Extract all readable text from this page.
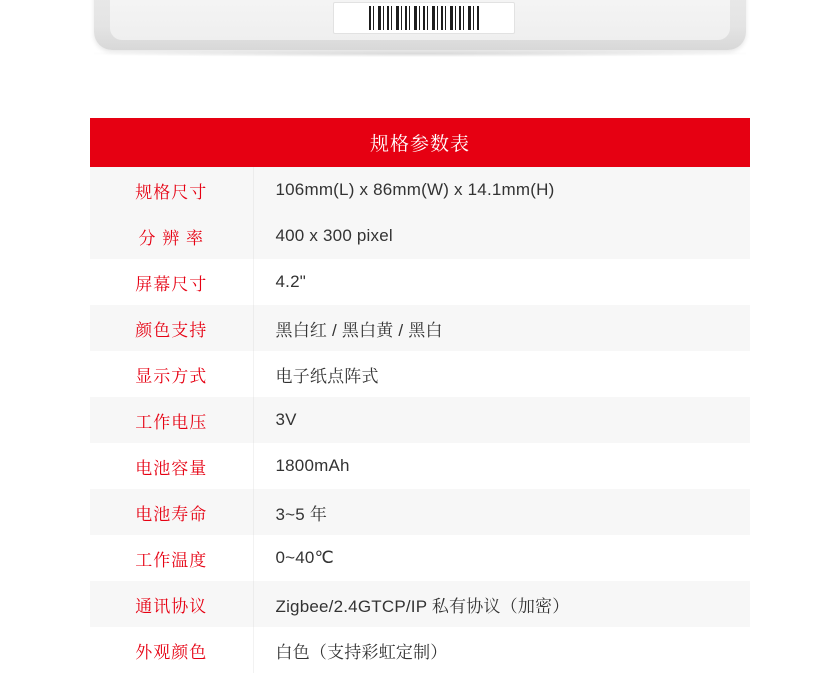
规格参数表	
规格尺寸	106mm(L) x 86mm(W) x 14.1mm(H)
分 辨 率	400 x 300 pixel
屏幕尺寸	4.2"
颜色支持	黑白红 / 黑白黄 / 黑白
显示方式	电子纸点阵式
工作电压	3V
电池容量	1800mAh
电池寿命	3~5 年
工作温度	0~40℃
通讯协议	Zigbee/2.4GTCP/IP 私有协议（加密）
外观颜色	白色（支持彩虹定制）
